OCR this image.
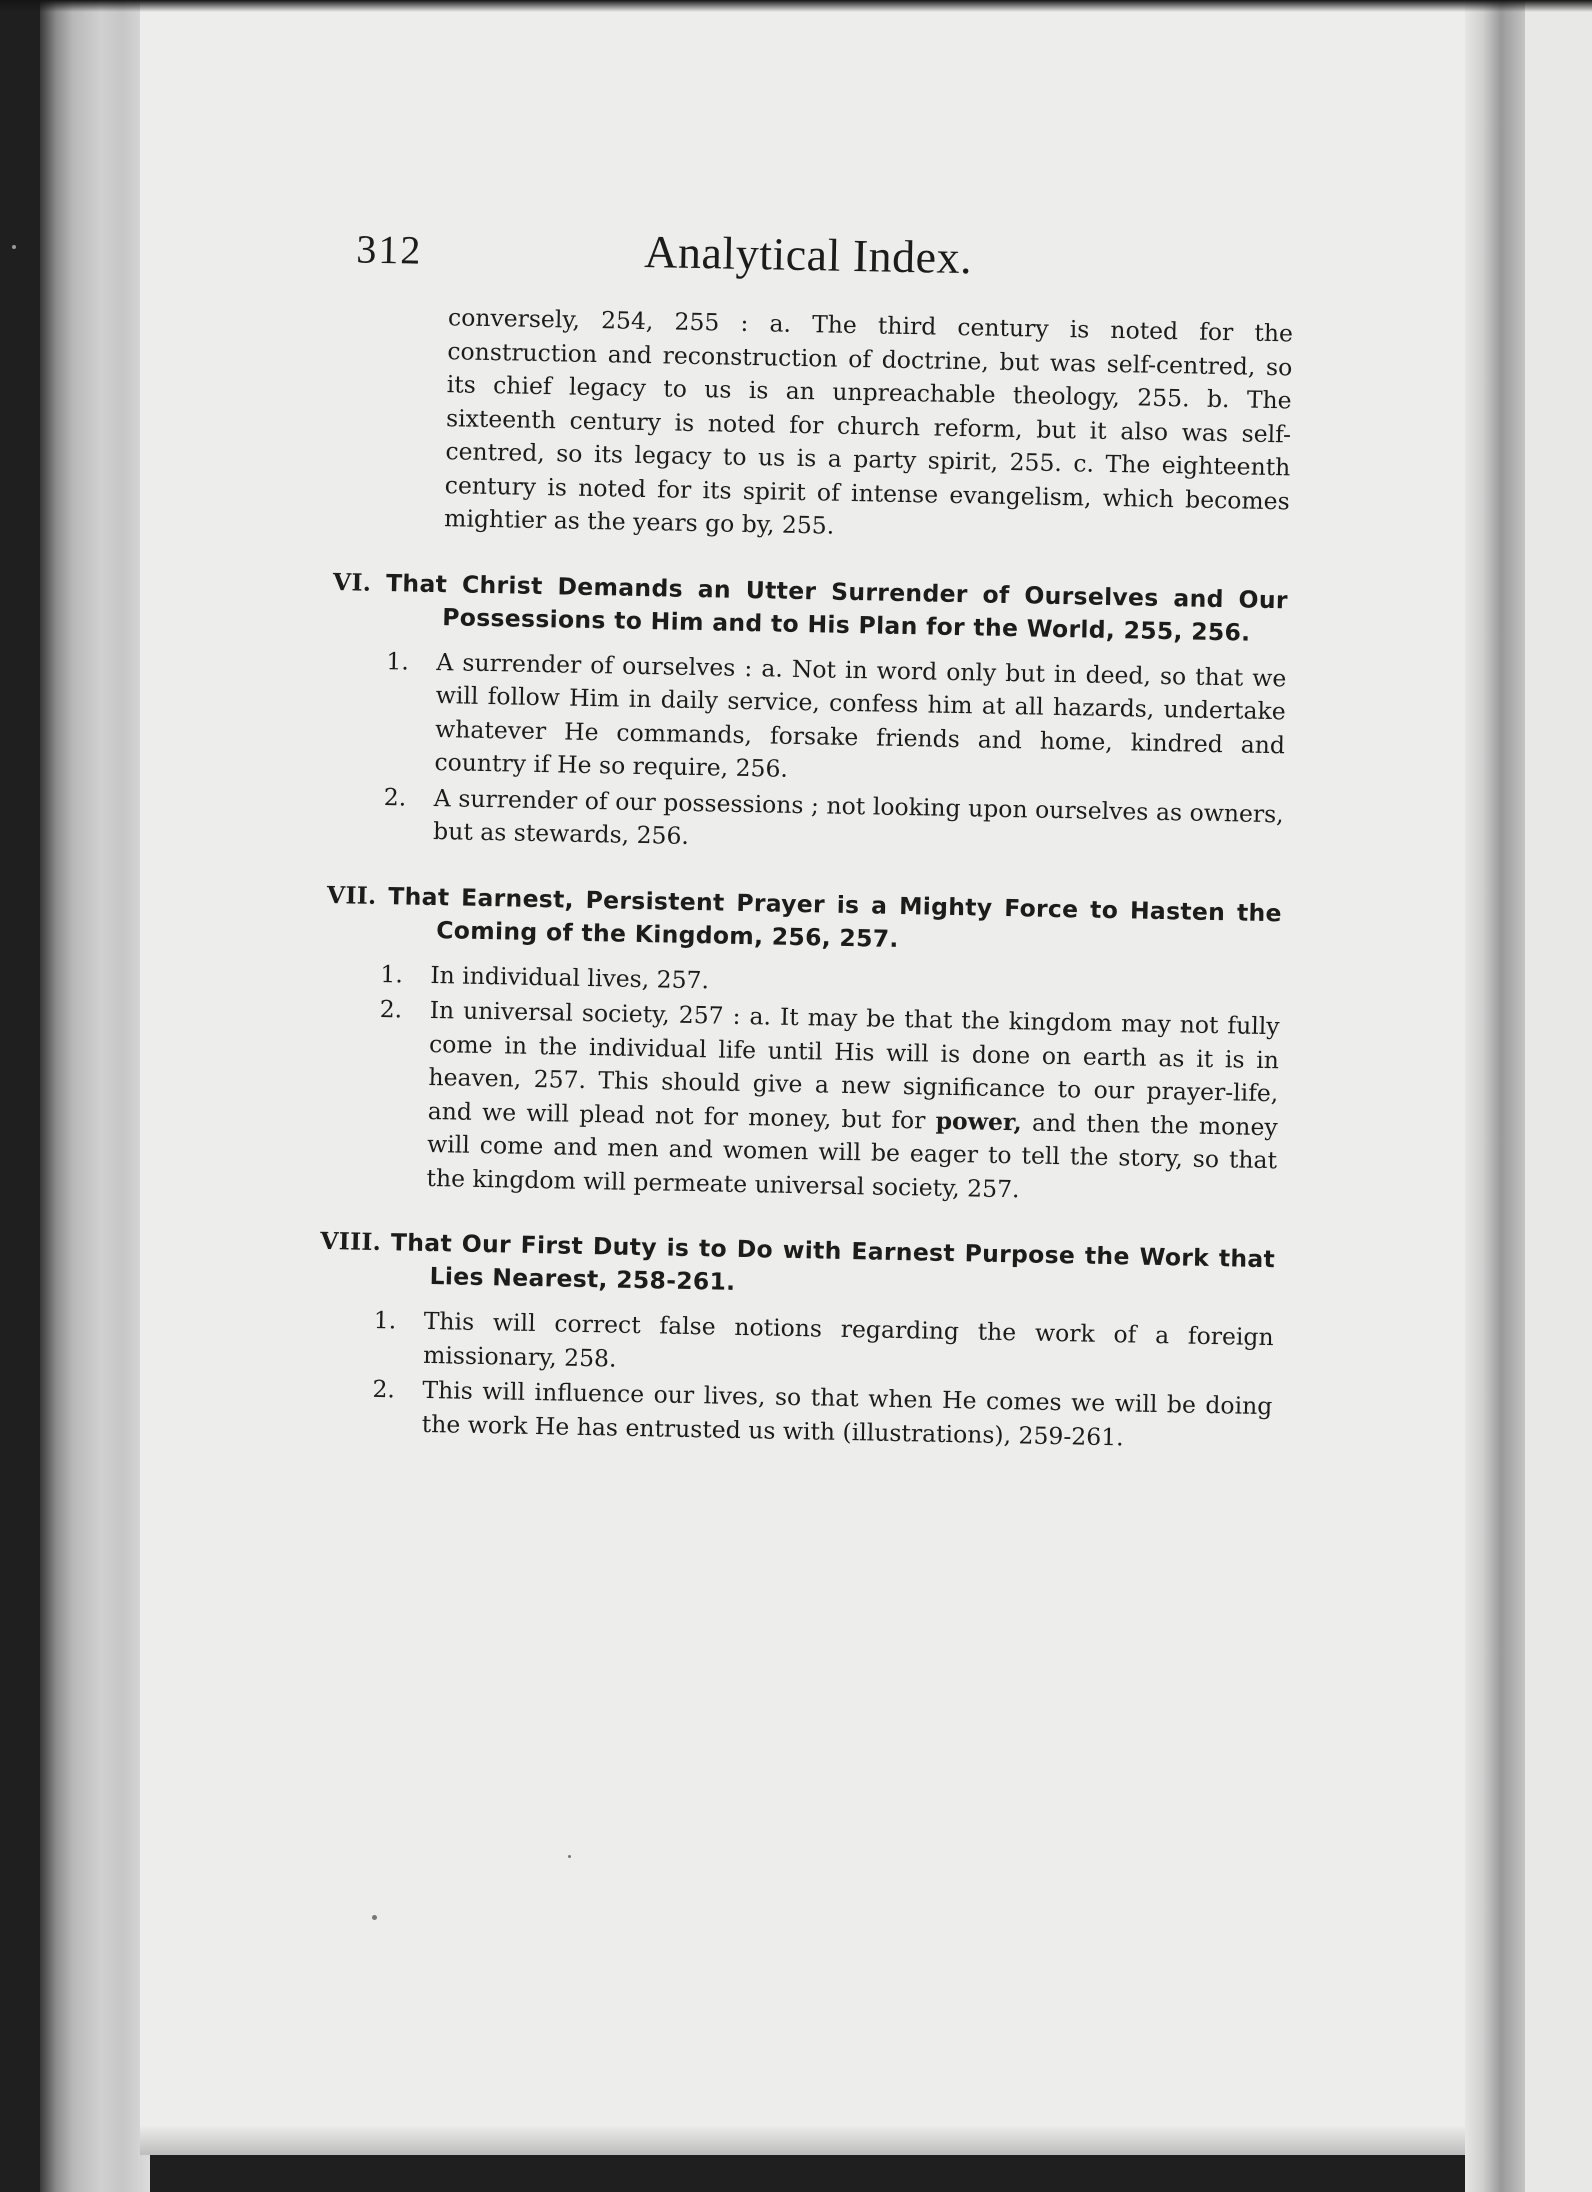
312	Analytical Index.

conversely, 254, 255 : a. The third century is noted for the construction and reconstruction of doctrine, but was self-centred, so its chief legacy to us is an unpreachable theology, 255. b. The sixteenth century is noted for church reform, but it also was self-centred, so its legacy to us is a party spirit, 255. c. The eighteenth century is noted for its spirit of intense evangelism, which becomes mightier as the years go by, 255.

VI. That Christ Demands an Utter Surrender of Ourselves and Our Possessions to Him and to His Plan for the World, 255, 256.

1. A surrender of ourselves : a. Not in word only but in deed, so that we will follow Him in daily service, confess him at all hazards, undertake whatever He commands, forsake friends and home, kindred and country if He so require, 256.
2. A surrender of our possessions ; not looking upon ourselves as owners, but as stewards, 256.

VII. That Earnest, Persistent Prayer is a Mighty Force to Hasten the Coming of the Kingdom, 256, 257.

1. In individual lives, 257.
2. In universal society, 257 : a. It may be that the kingdom may not fully come in the individual life until His will is done on earth as it is in heaven, 257. This should give a new significance to our prayer-life, and we will plead not for money, but for power, and then the money will come and men and women will be eager to tell the story, so that the kingdom will permeate universal society, 257.

VIII. That Our First Duty is to Do with Earnest Purpose the Work that Lies Nearest, 258-261.

1. This will correct false notions regarding the work of a foreign missionary, 258.
2. This will influence our lives, so that when He comes we will be doing the work He has entrusted us with (illustrations), 259-261.
